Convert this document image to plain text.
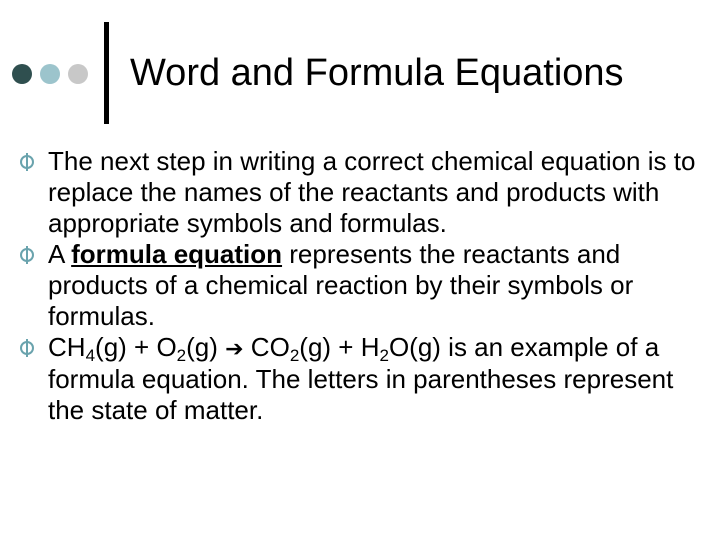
Word and Formula Equations

The next step in writing a correct chemical equation is to replace the names of the reactants and products with appropriate symbols and formulas.

A formula equation represents the reactants and products of a chemical reaction by their symbols or formulas.

$CH_4(g) + O_2(g)$ ➔ $CO_2(g) + H_2O(g)$ is an example of a formula equation. The letters in parentheses represent the state of matter.
